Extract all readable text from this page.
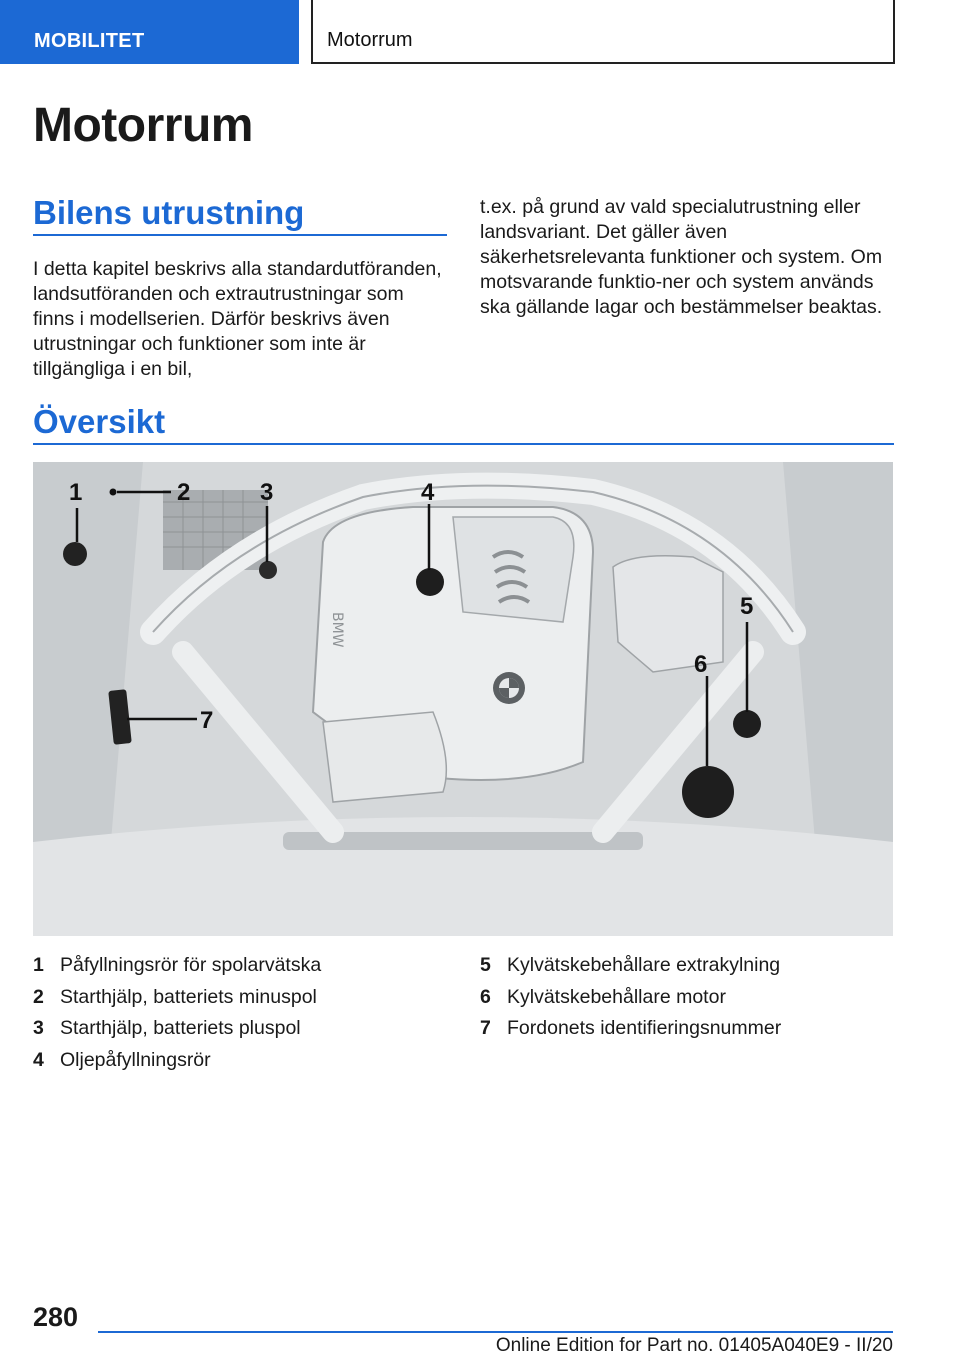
MOBILITET	Motorrum
Motorrum
Bilens utrustning

I detta kapitel beskrivs alla standardutföranden, landsutföranden och extrautrustningar som finns i modellserien. Därför beskrivs även utrustningar och funktioner som inte är tillgängliga i en bil,

t.ex. på grund av vald specialutrustning eller landsvariant. Det gäller även säkerhetsrelevanta funktioner och system. Om motsvarande funktio-ner och system används ska gällande lagar och bestämmelser beaktas.

Översikt
BMW
1	2	3	4
5
6
7
1 Påfyllningsrör för spolarvätska
2 Starthjälp, batteriets minuspol
3 Starthjälp, batteriets pluspol
4 Oljepåfyllningsrör
5 Kylvätskebehållare extrakylning
6 Kylvätskebehållare motor
7 Fordonets identifieringsnummer
280
Online Edition for Part no. 01405A040E9 - II/20
